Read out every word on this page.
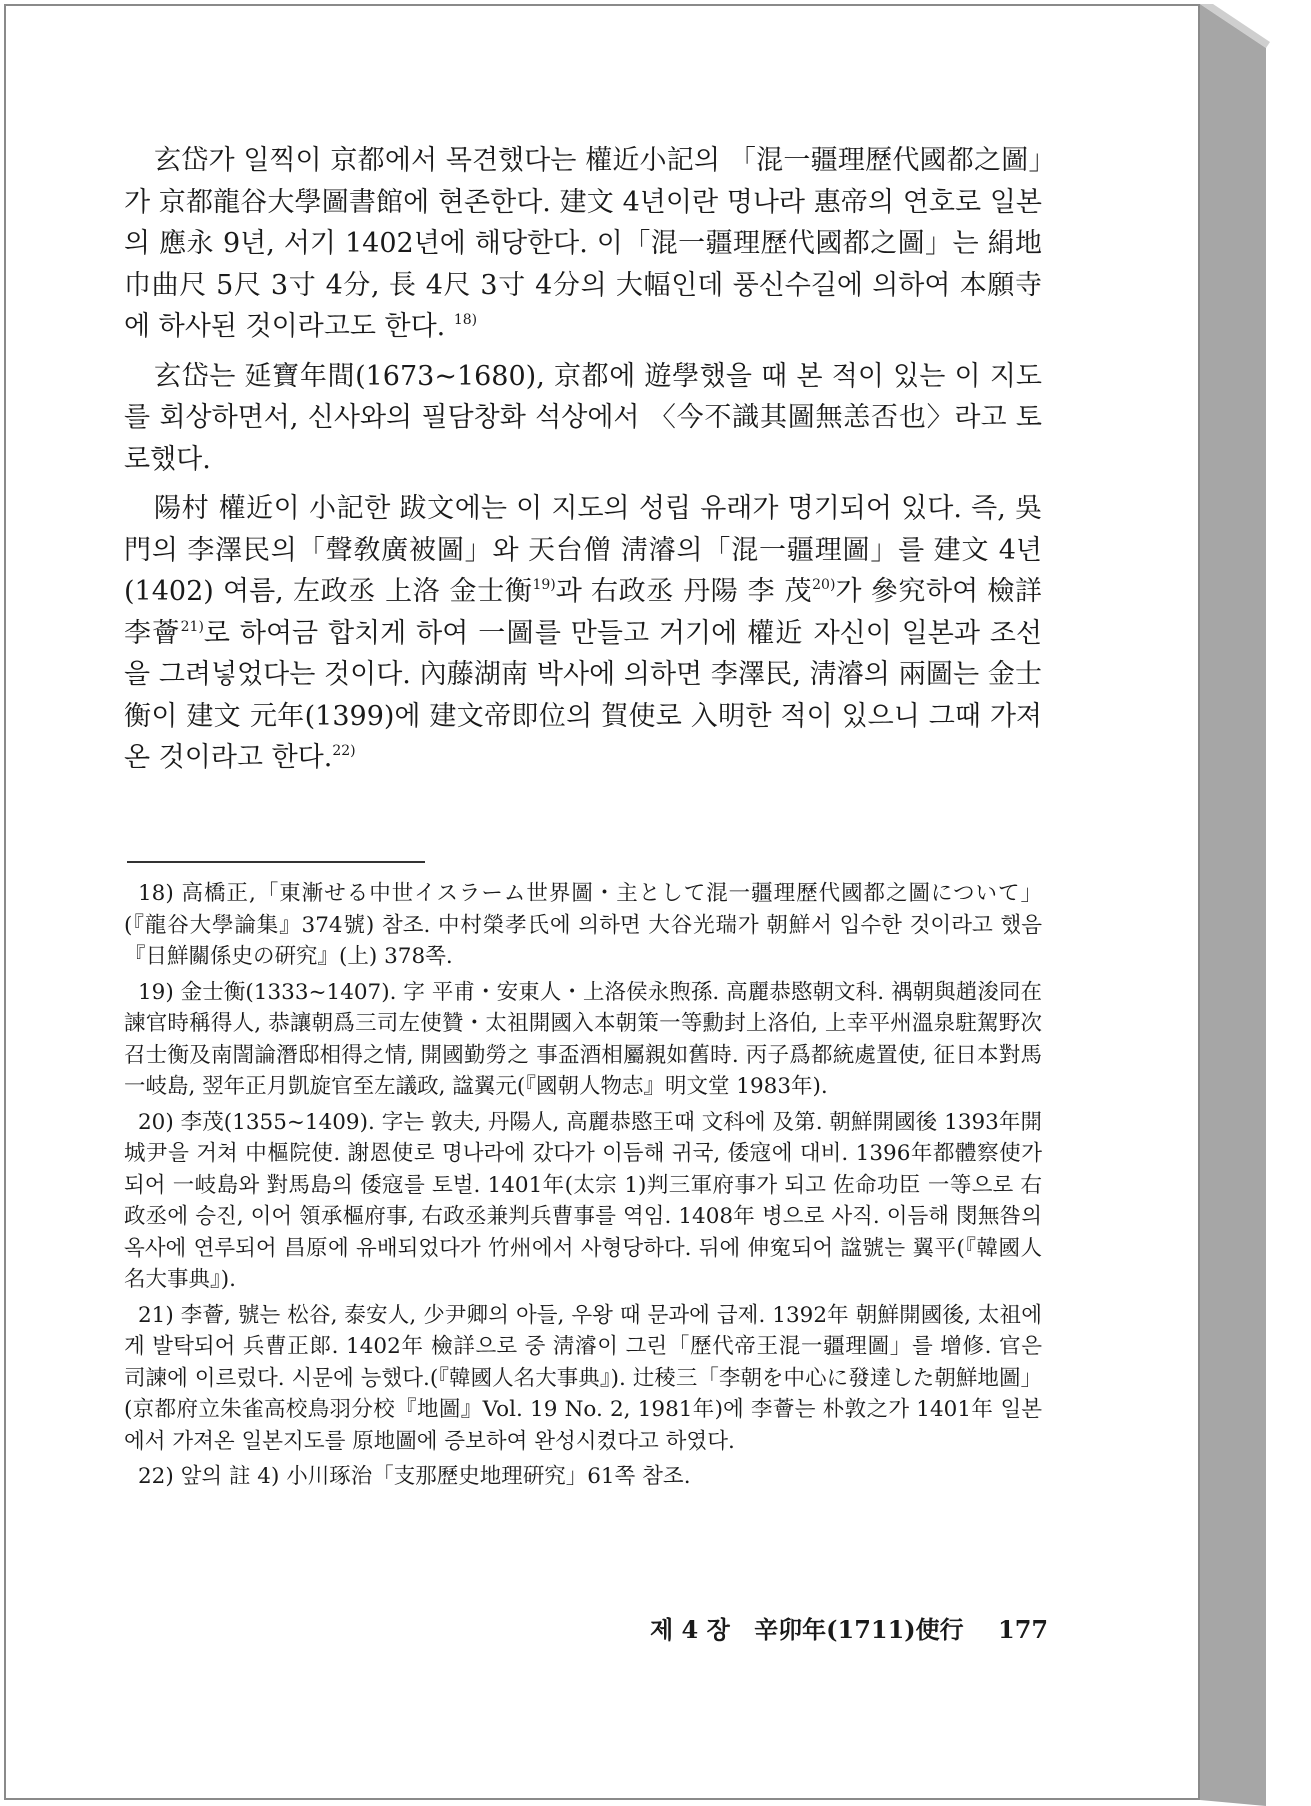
玄岱가 일찍이 京都에서 목견했다는 權近小記의 「混一疆理歷代國都之圖」가 京都龍谷大學圖書館에 현존한다. 建文 4년이란 명나라 惠帝의 연호로 일본의 應永 9년, 서기 1402년에 해당한다. 이「混一疆理歷代國都之圖」는 絹地 巾曲尺 5尺 3寸 4分, 長 4尺 3寸 4分의 大幅인데 풍신수길에 의하여 本願寺에 하사된 것이라고도 한다. $^{18)}$

玄岱는 延寶年間(1673~1680), 京都에 遊學했을 때 본 적이 있는 이 지도를 회상하면서, 신사와의 필담창화 석상에서 〈今不識其圖無恙否也〉라고 토로했다.

陽村 權近이 小記한 跋文에는 이 지도의 성립 유래가 명기되어 있다. 즉, 吳門의 李澤民의「聲敎廣被圖」와 天台僧 淸濬의「混一疆理圖」를 建文 4년(1402) 여름, 左政丞 上洛 金士衡$^{19)}$과 右政丞 丹陽 李 茂$^{20)}$가 參究하여 檢詳 李薈$^{21)}$로 하여금 합치게 하여 一圖를 만들고 거기에 權近 자신이 일본과 조선을 그려넣었다는 것이다. 內藤湖南 박사에 의하면 李澤民, 淸濬의 兩圖는 金士衡이 建文 元年(1399)에 建文帝即位의 賀使로 入明한 적이 있으니 그때 가져온 것이라고 한다.$^{22)}$

18) 高橋正,「東漸せる中世イスラーム世界圖・主として混一疆理歷代國都之圖について」(『龍谷大學論集』374號) 참조. 中村榮孝氏에 의하면 大谷光瑞가 朝鮮서 입수한 것이라고 했음『日鮮關係史の硏究』(上) 378쪽.

19) 金士衡(1333~1407). 字 平甫・安東人・上洛侯永煦孫. 高麗恭愍朝文科. 禑朝與趙浚同在諫官時稱得人, 恭讓朝爲三司左使贊・太祖開國入本朝策一等勳封上洛伯, 上幸平州溫泉駐駕野次召士衡及南誾論潛邸相得之情, 開國勤勞之 事盃酒相屬親如舊時. 丙子爲都統處置使, 征日本對馬一岐島, 翌年正月凱旋官至左議政, 諡翼元(『國朝人物志』明文堂 1983年).

20) 李茂(1355~1409). 字는 敦夫, 丹陽人, 高麗恭愍王때 文科에 及第. 朝鮮開國後 1393年開城尹을 거쳐 中樞院使. 謝恩使로 명나라에 갔다가 이듬해 귀국, 倭寇에 대비. 1396年都體察使가 되어 一岐島와 對馬島의 倭寇를 토벌. 1401年(太宗 1)判三軍府事가 되고 佐命功臣 一等으로 右政丞에 승진, 이어 領承樞府事, 右政丞兼判兵曹事를 역임. 1408年 병으로 사직. 이듬해 閔無咎의 옥사에 연루되어 昌原에 유배되었다가 竹州에서 사형당하다. 뒤에 伸寃되어 諡號는 翼平(『韓國人名大事典』).

21) 李薈, 號는 松谷, 泰安人, 少尹卿의 아들, 우왕 때 문과에 급제. 1392年 朝鮮開國後, 太祖에게 발탁되어 兵曹正郞. 1402年 檢詳으로 중 淸濬이 그린「歷代帝王混一疆理圖」를 增修. 官은 司諫에 이르렀다. 시문에 능했다.(『韓國人名大事典』). 辻稜三「李朝を中心に發達した朝鮮地圖」(京都府立朱雀高校鳥羽分校『地圖』Vol. 19 No. 2, 1981年)에 李薈는 朴敦之가 1401年 일본에서 가져온 일본지도를 原地圖에 증보하여 완성시켰다고 하였다.

22) 앞의 註 4) 小川琢治「支那歷史地理硏究」61쪽 참조.

제 4 장 辛卯年(1711)使行 177
